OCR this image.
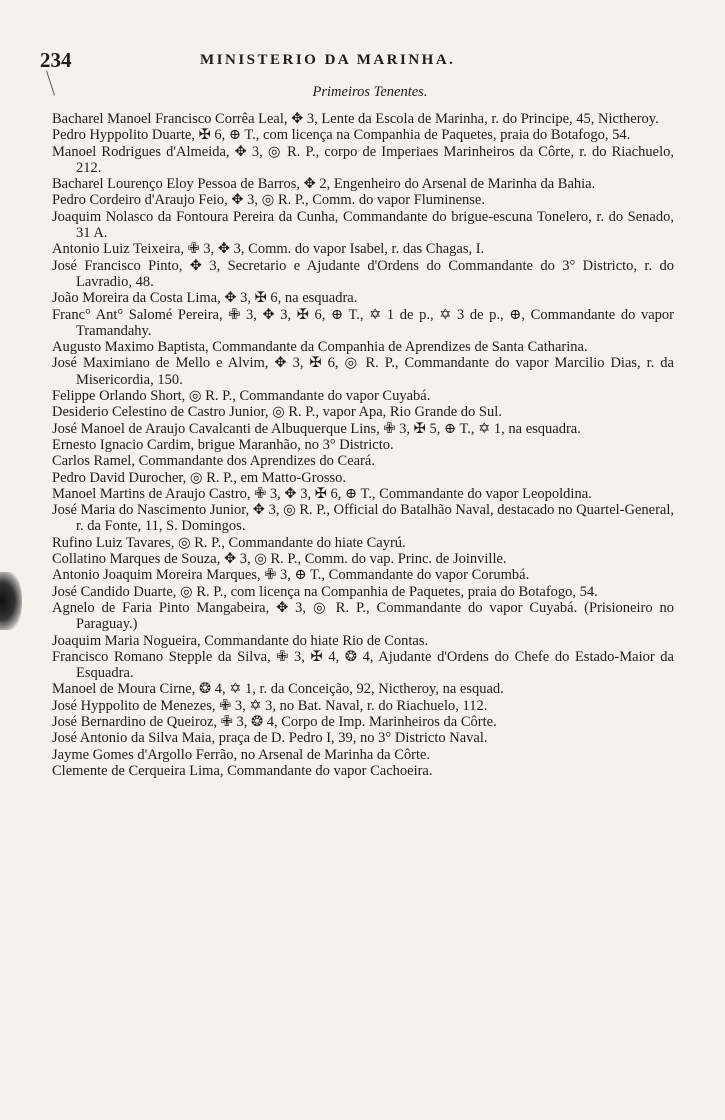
234	MINISTERIO DA MARINHA.
Primeiros Tenentes.

Bacharel Manoel Francisco Corrêa Leal, ✥ 3, Lente da Escola de Marinha, r. do Principe, 45, Nictheroy.

Pedro Hyppolito Duarte, ✠ 6, ⊕ T., com licença na Companhia de Paquetes, praia do Botafogo, 54.

Manoel Rodrigues d'Almeida, ✥ 3, ◎ R. P., corpo de Imperiaes Marinheiros da Côrte, r. do Riachuelo, 212.

Bacharel Lourenço Eloy Pessoa de Barros, ✥ 2, Engenheiro do Arsenal de Marinha da Bahia.

Pedro Cordeiro d'Araujo Feio, ✥ 3, ◎ R. P., Comm. do vapor Fluminense.

Joaquim Nolasco da Fontoura Pereira da Cunha, Commandante do brigue-escuna Tonelero, r. do Senado, 31 A.

Antonio Luiz Teixeira, ✙ 3, ✥ 3, Comm. do vapor Isabel, r. das Chagas, I.

José Francisco Pinto, ✥ 3, Secretario e Ajudante d'Ordens do Commandante do 3° Districto, r. do Lavradio, 48.

João Moreira da Costa Lima, ✥ 3, ✠ 6, na esquadra.

Franc° Ant° Salomé Pereira, ✙ 3, ✥ 3, ✠ 6, ⊕ T., ✡ 1 de p., ✡ 3 de p., ⊕, Commandante do vapor Tramandahy.

Augusto Maximo Baptista, Commandante da Companhia de Aprendizes de Santa Catharina.

José Maximiano de Mello e Alvim, ✥ 3, ✠ 6, ◎ R. P., Commandante do vapor Marcilio Dias, r. da Misericordia, 150.

Felippe Orlando Short, ◎ R. P., Commandante do vapor Cuyabá.

Desiderio Celestino de Castro Junior, ◎ R. P., vapor Apa, Rio Grande do Sul.

José Manoel de Araujo Cavalcanti de Albuquerque Lins, ✙ 3, ✠ 5, ⊕ T., ✡ 1, na esquadra.

Ernesto Ignacio Cardim, brigue Maranhão, no 3° Districto.

Carlos Ramel, Commandante dos Aprendizes do Ceará.

Pedro David Durocher, ◎ R. P., em Matto-Grosso.

Manoel Martins de Araujo Castro, ✙ 3, ✥ 3, ✠ 6, ⊕ T., Commandante do vapor Leopoldina.

José Maria do Nascimento Junior, ✥ 3, ◎ R. P., Official do Batalhão Naval, destacado no Quartel-General, r. da Fonte, 11, S. Domingos.

Rufino Luiz Tavares, ◎ R. P., Commandante do hiate Cayrú.

Collatino Marques de Souza, ✥ 3, ◎ R. P., Comm. do vap. Princ. de Joinville.

Antonio Joaquim Moreira Marques, ✙ 3, ⊕ T., Commandante do vapor Corumbá.

José Candido Duarte, ◎ R. P., com licença na Companhia de Paquetes, praia do Botafogo, 54.

Agnelo de Faria Pinto Mangabeira, ✥ 3, ◎ R. P., Commandante do vapor Cuyabá. (Prisioneiro no Paraguay.)

Joaquim Maria Nogueira, Commandante do hiate Rio de Contas.

Francisco Romano Stepple da Silva, ✙ 3, ✠ 4, ❂ 4, Ajudante d'Ordens do Chefe do Estado-Maior da Esquadra.

Manoel de Moura Cirne, ❂ 4, ✡ 1, r. da Conceição, 92, Nictheroy, na esquad.

José Hyppolito de Menezes, ✙ 3, ✡ 3, no Bat. Naval, r. do Riachuelo, 112.

José Bernardino de Queiroz, ✙ 3, ❂ 4, Corpo de Imp. Marinheiros da Côrte.

José Antonio da Silva Maia, praça de D. Pedro I, 39, no 3° Districto Naval.

Jayme Gomes d'Argollo Ferrão, no Arsenal de Marinha da Côrte.

Clemente de Cerqueira Lima, Commandante do vapor Cachoeira.
